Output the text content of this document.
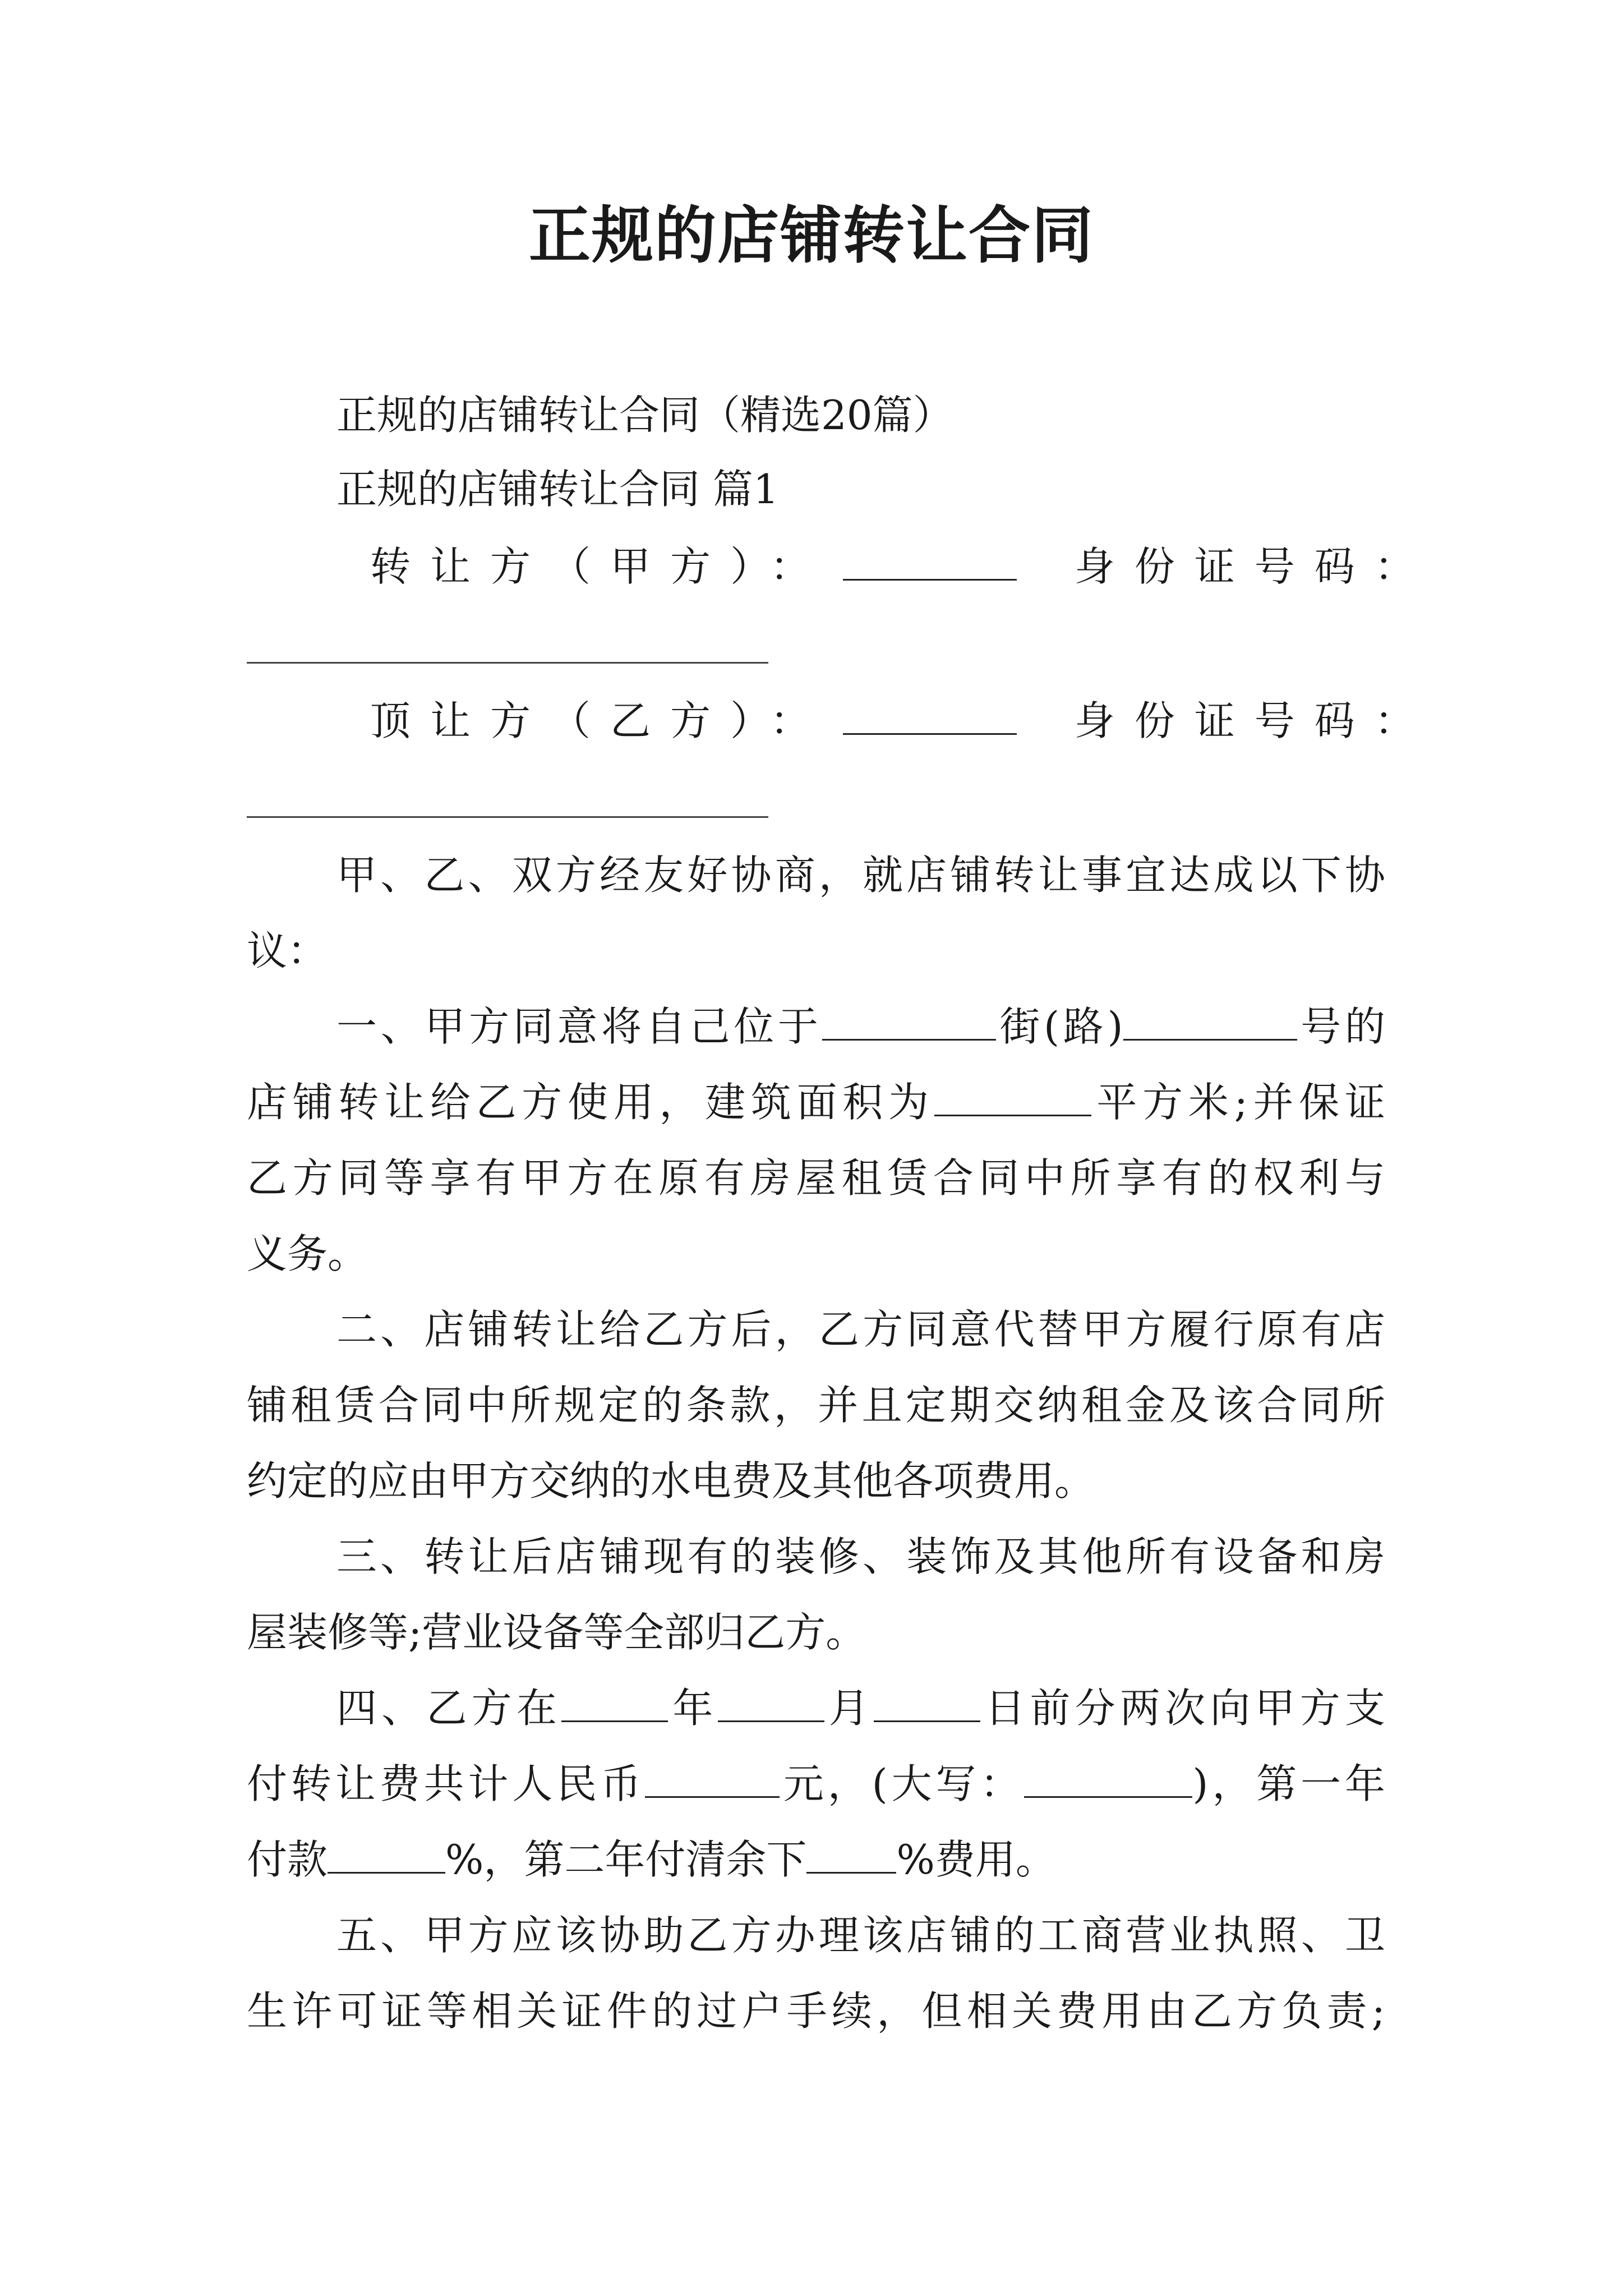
正规的店铺转让合同
正规的店铺转让合同（精选20篇）
正规的店铺转让合同 篇1
转让方（甲方）：	身份证号码：
顶让方（乙方）：	身份证号码：
甲、乙、双方经友好协商，就店铺转让事宜达成以下协
议：
一、甲方同意将自己位于	街(路)	号的
店铺转让给乙方使用，建筑面积为	平方米;并保证
乙方同等享有甲方在原有房屋租赁合同中所享有的权利与
义务。
二、店铺转让给乙方后，乙方同意代替甲方履行原有店
铺租赁合同中所规定的条款，并且定期交纳租金及该合同所
约定的应由甲方交纳的水电费及其他各项费用。
三、转让后店铺现有的装修、装饰及其他所有设备和房
屋装修等;营业设备等全部归乙方。
四、乙方在	年	月	日前分两次向甲方支
付转让费共计人民币	元，(大写：	)，第一年
付款	%，第二年付清余下 %费用。
五、甲方应该协助乙方办理该店铺的工商营业执照、卫
生许可证等相关证件的过户手续，但相关费用由乙方负责;
